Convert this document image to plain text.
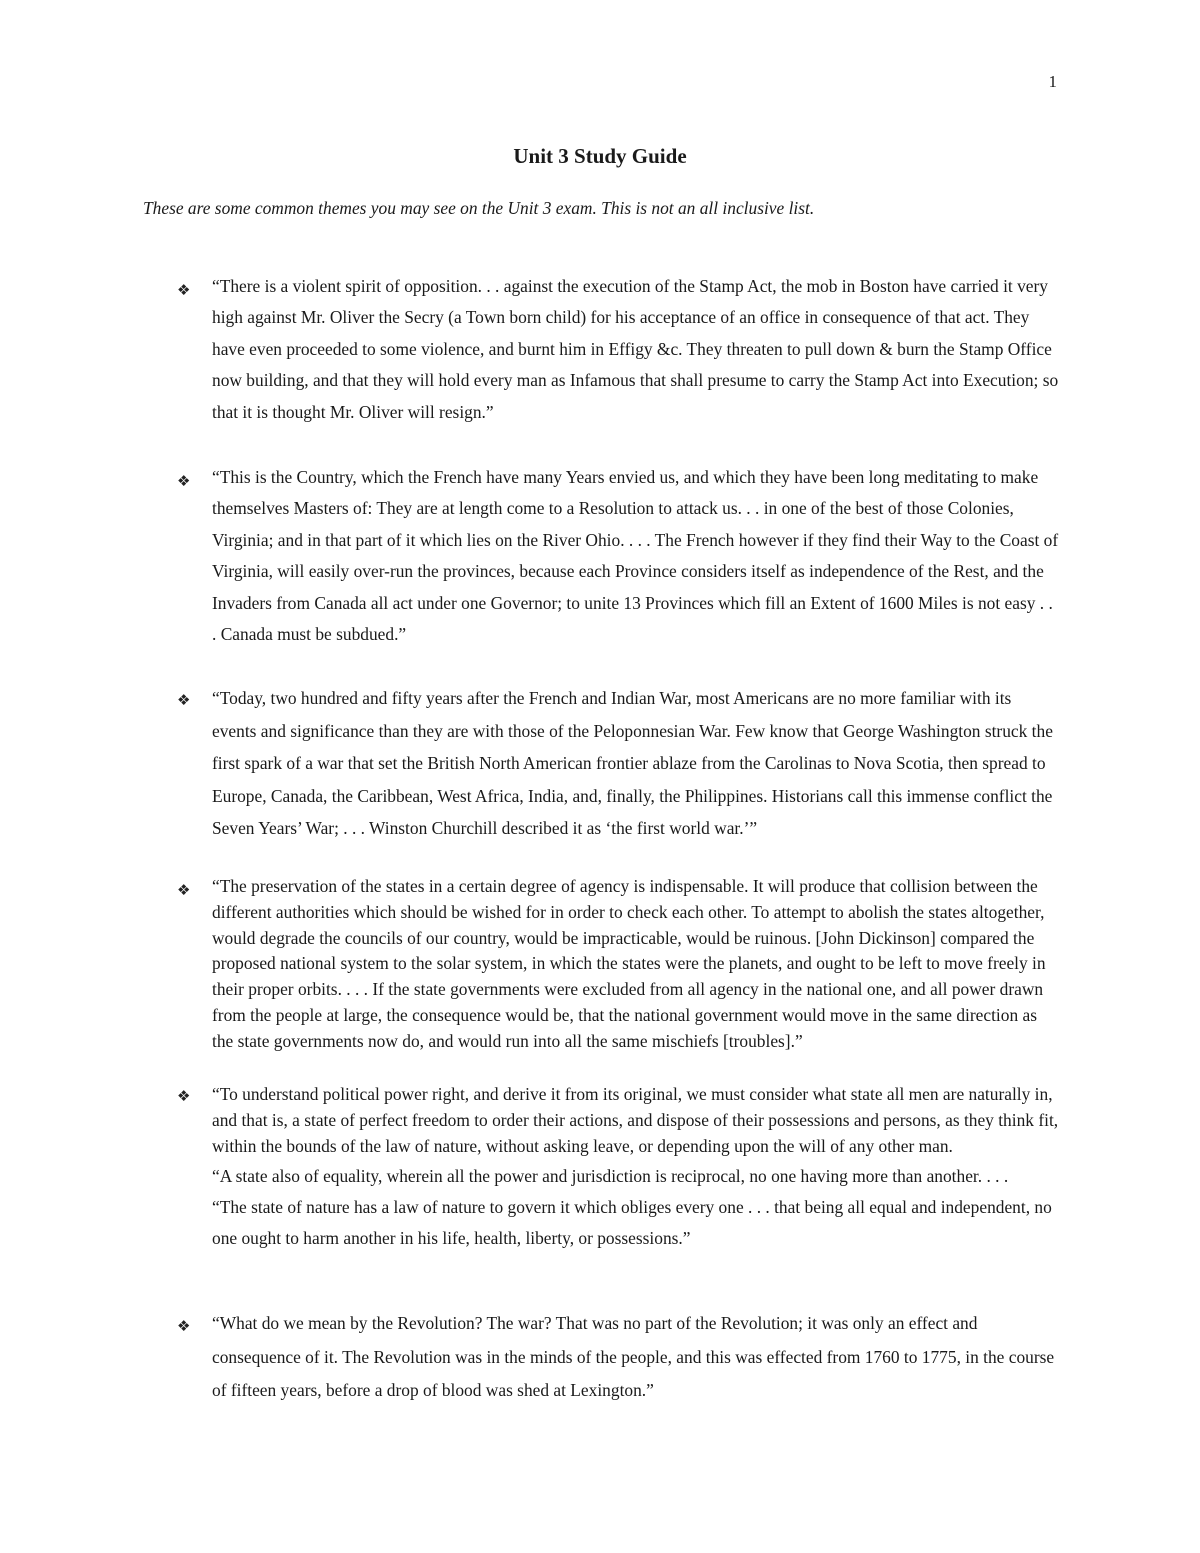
1
Unit 3 Study Guide
These are some common themes you may see on the Unit 3 exam. This is not an all inclusive list.
❖ “There is a violent spirit of opposition. . . against the execution of the Stamp Act, the mob in Boston have carried it very high against Mr. Oliver the Secry (a Town born child) for his acceptance of an office in consequence of that act. They have even proceeded to some violence, and burnt him in Effigy &c. They threaten to pull down & burn the Stamp Office now building, and that they will hold every man as Infamous that shall presume to carry the Stamp Act into Execution; so that it is thought Mr. Oliver will resign.”
❖ “This is the Country, which the French have many Years envied us, and which they have been long meditating to make themselves Masters of: They are at length come to a Resolution to attack us. . . in one of the best of those Colonies, Virginia; and in that part of it which lies on the River Ohio. . . . The French however if they find their Way to the Coast of Virginia, will easily over-run the provinces, because each Province considers itself as independence of the Rest, and the Invaders from Canada all act under one Governor; to unite 13 Provinces which fill an Extent of 1600 Miles is not easy . . . Canada must be subdued.”
❖ “Today, two hundred and fifty years after the French and Indian War, most Americans are no more familiar with its events and significance than they are with those of the Peloponnesian War. Few know that George Washington struck the first spark of a war that set the British North American frontier ablaze from the Carolinas to Nova Scotia, then spread to Europe, Canada, the Caribbean, West Africa, India, and, finally, the Philippines. Historians call this immense conflict the Seven Years’ War; . . . Winston Churchill described it as ‘the first world war.’”
❖ “The preservation of the states in a certain degree of agency is indispensable. It will produce that collision between the different authorities which should be wished for in order to check each other. To attempt to abolish the states altogether, would degrade the councils of our country, would be impracticable, would be ruinous. [John Dickinson] compared the proposed national system to the solar system, in which the states were the planets, and ought to be left to move freely in their proper orbits. . . . If the state governments were excluded from all agency in the national one, and all power drawn from the people at large, the consequence would be, that the national government would move in the same direction as the state governments now do, and would run into all the same mischiefs [troubles].”
❖ “To understand political power right, and derive it from its original, we must consider what state all men are naturally in, and that is, a state of perfect freedom to order their actions, and dispose of their possessions and persons, as they think fit, within the bounds of the law of nature, without asking leave, or depending upon the will of any other man.
“A state also of equality, wherein all the power and jurisdiction is reciprocal, no one having more than another. . . .
“The state of nature has a law of nature to govern it which obliges every one . . . that being all equal and independent, no one ought to harm another in his life, health, liberty, or possessions.”
❖ “What do we mean by the Revolution? The war? That was no part of the Revolution; it was only an effect and consequence of it. The Revolution was in the minds of the people, and this was effected from 1760 to 1775, in the course of fifteen years, before a drop of blood was shed at Lexington.”
